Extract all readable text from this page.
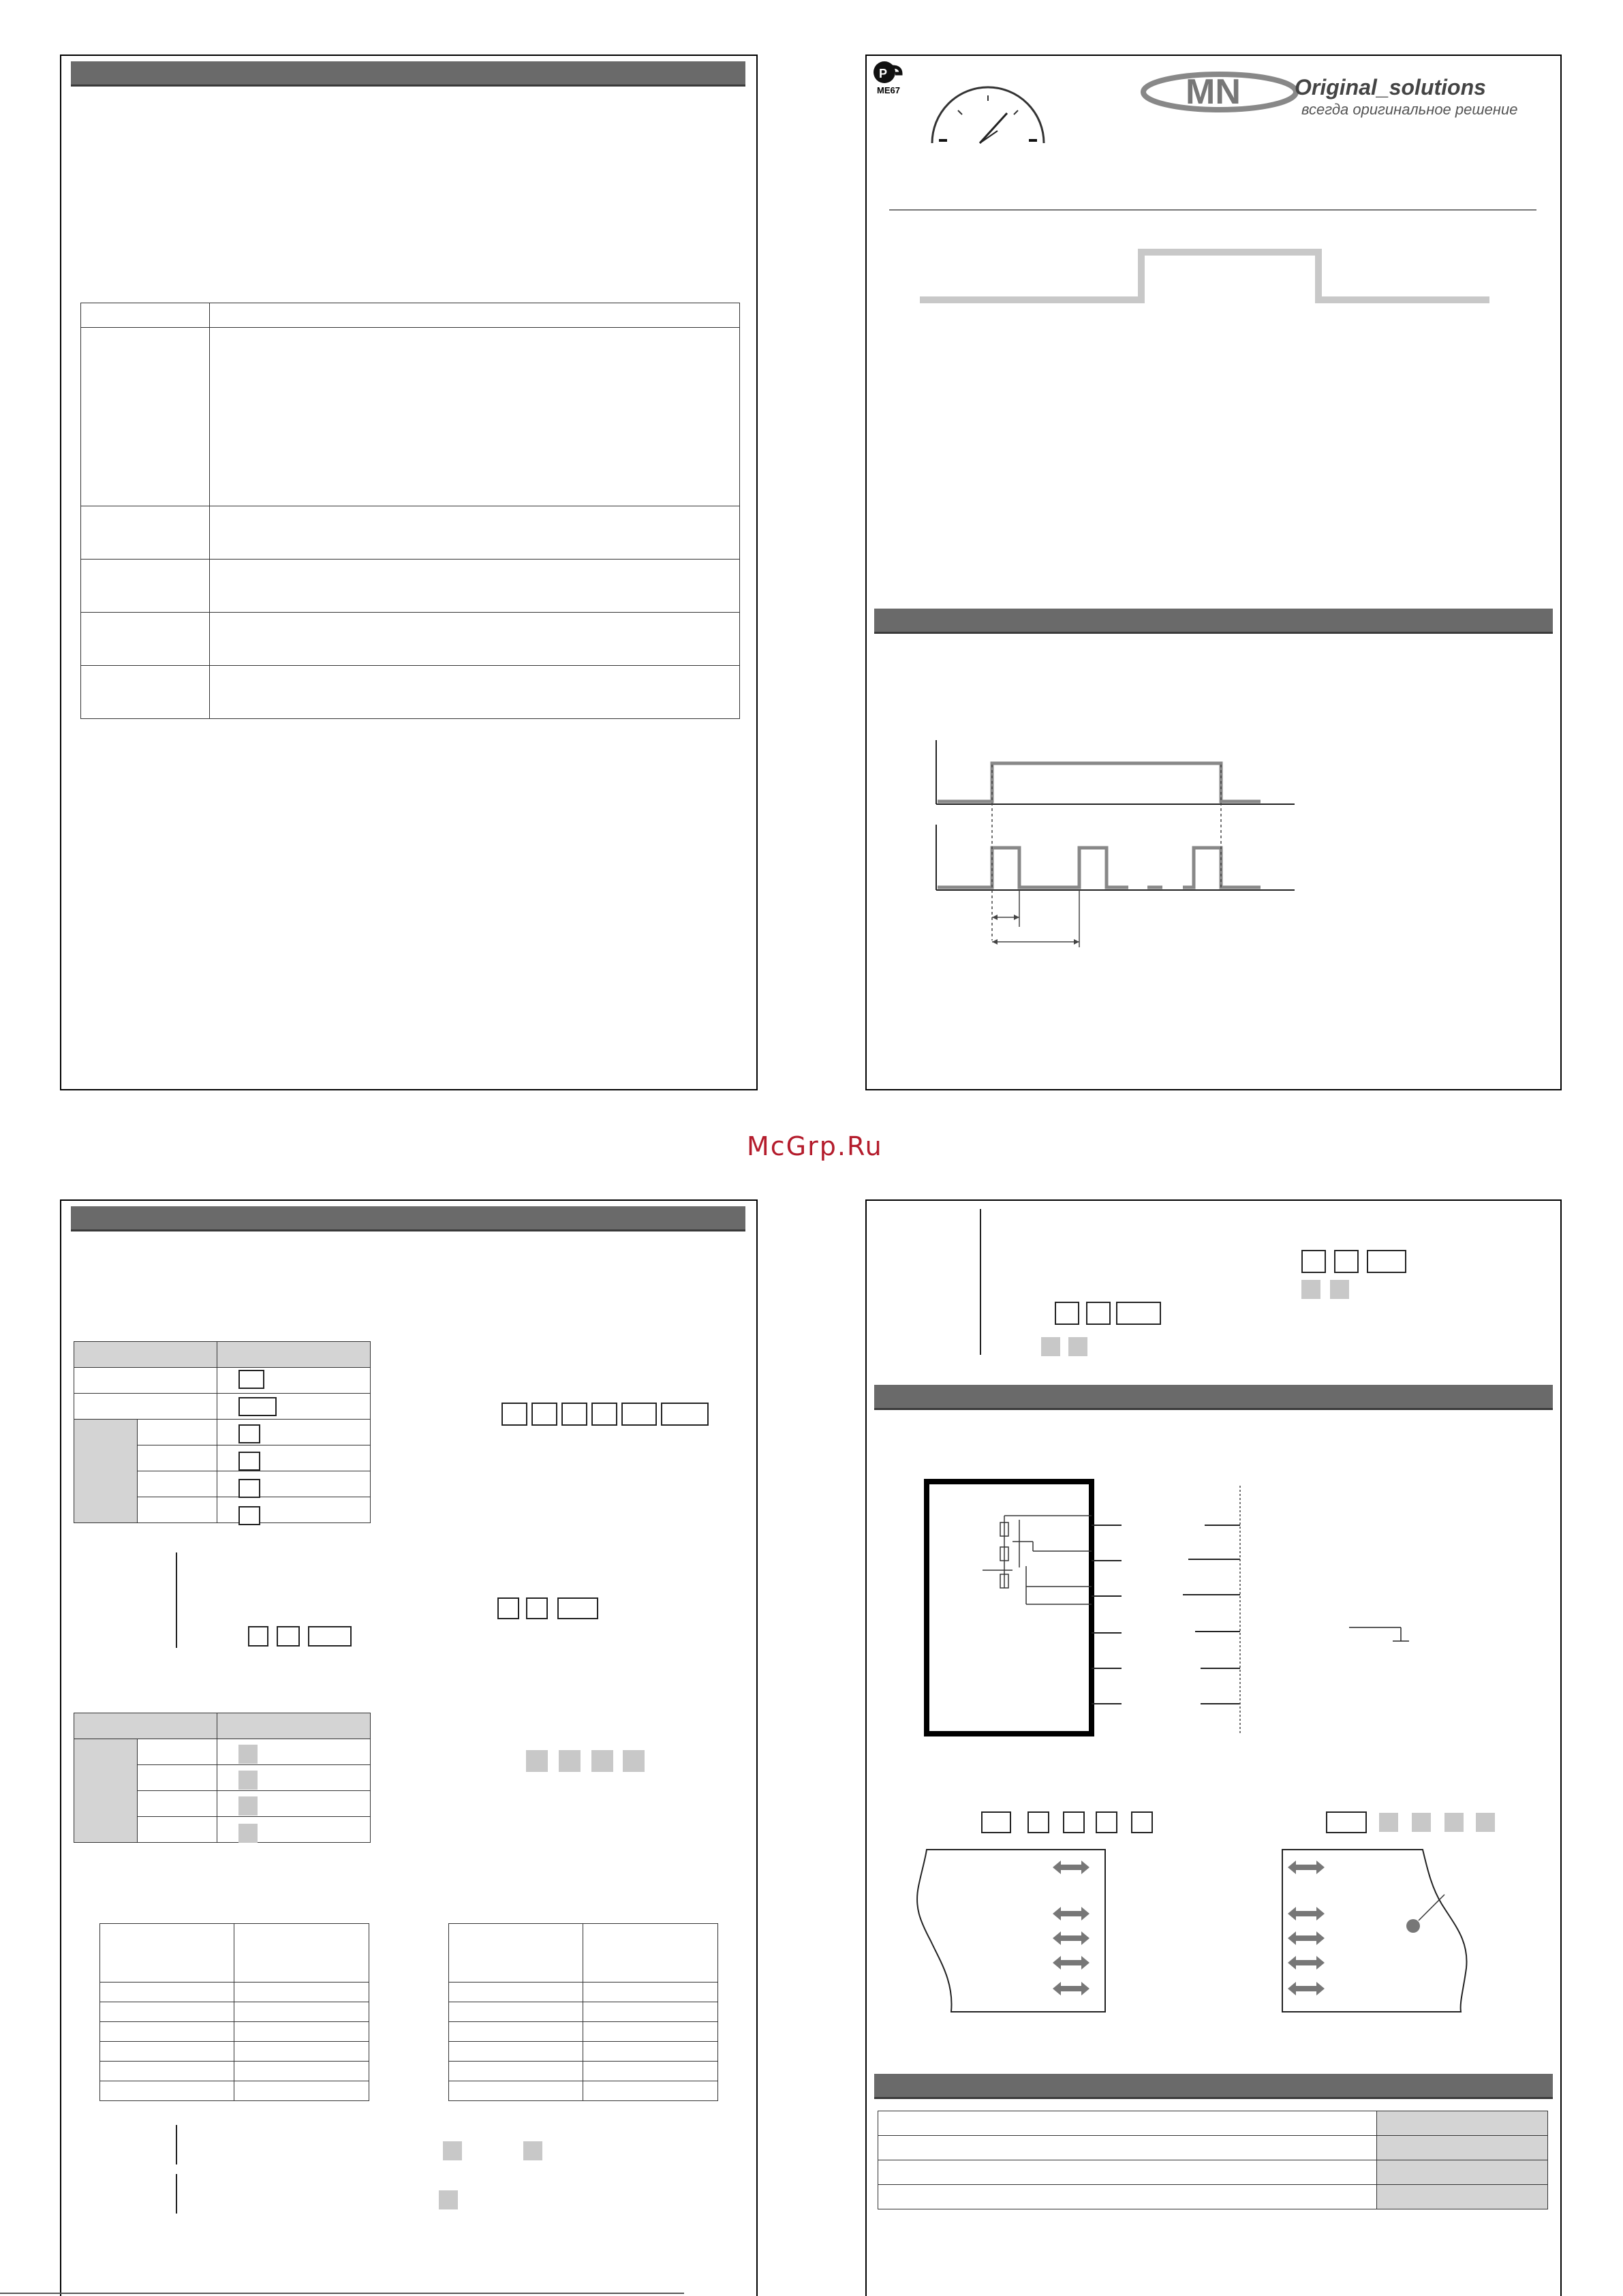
P
ME67	MN Original_solutions
всегда оригинальное решение
McGrp.Ru
